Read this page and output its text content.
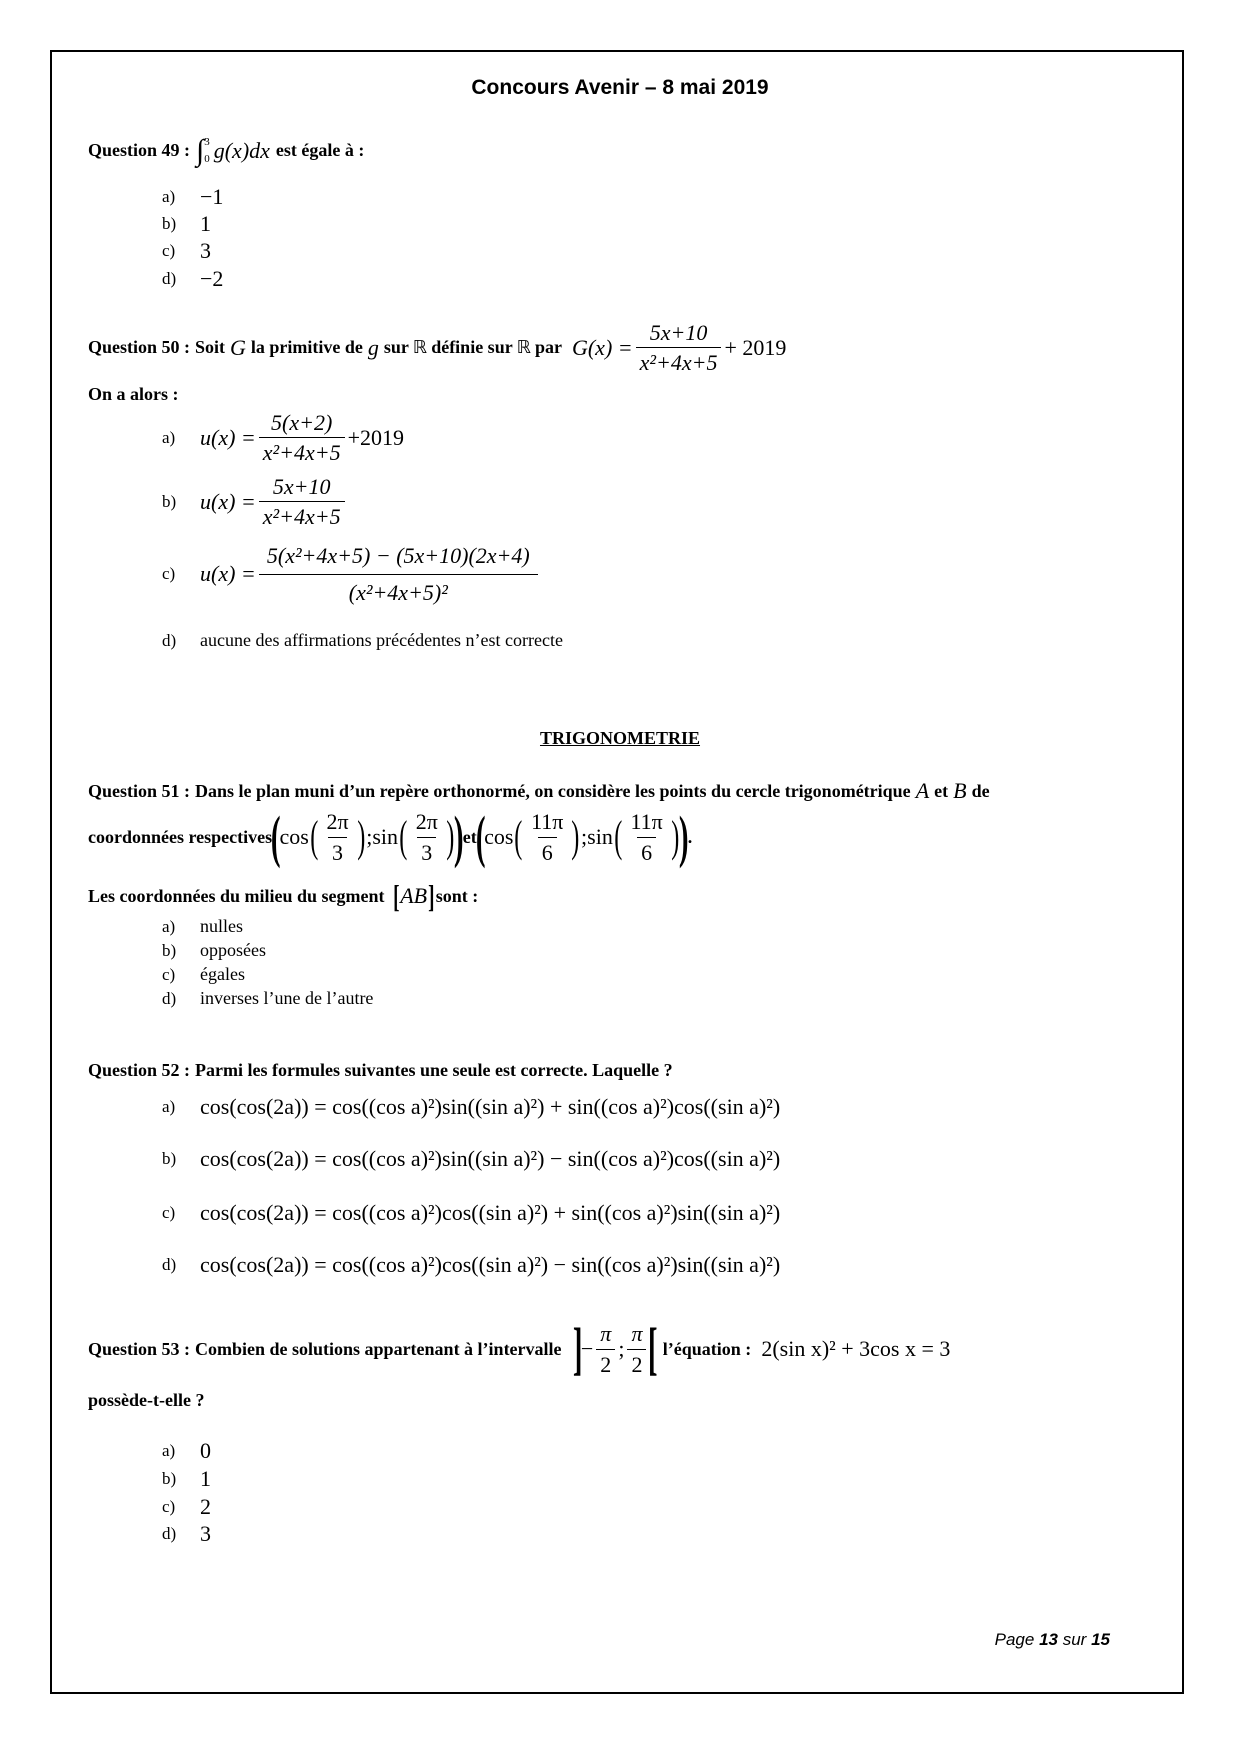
Concours Avenir – 8 mai 2019
Question 49 : ∫ 3
0 g(x)dx est égale à :
a)	−1
b)	1
c)	3
d)	−2
Question 50 : Soit G la primitive de g sur ℝ définie sur ℝ par $G(x) = \frac{5x+10}{\text{x²+4x+5}} + 2019$
On a alors :
a)	$u(x) = \frac{5(x+2)}{\text{x²+4x+5}} +2019$
b)	$u(x) = \frac{5x+10}{\text{x²+4x+5}}$
c)	$u(x) = \frac{\text{5(x²+4x+5) − (5x+10)(2x+4)}}{\text{(x²+4x+5)²}}$
d)	aucune des affirmations précédentes n’est correcte
TRIGONOMETRIE
Question 51 : Dans le plan muni d’un repère orthonormé, on considère les points du cercle trigonométrique A et B de
coordonnées respectives
(
cos ( $\frac{2\pi}{3}$ ) ; sin ( $\frac{2\pi}{3}$ ) )
et
(
cos ( $\frac{11\pi}{6}$ ) ; sin ( $\frac{11\pi}{6}$ ) )
.
Les coordonnées du milieu du segment [ AB ] sont :
a)	nulles
b)	opposées
c)	égales
d)	inverses l’une de l’autre
Question 52 : Parmi les formules suivantes une seule est correcte. Laquelle ?
a)	cos(cos(2a)) = cos((cos a)²)sin((sin a)²) + sin((cos a)²)cos((sin a)²)
b)	cos(cos(2a)) = cos((cos a)²)sin((sin a)²) − sin((cos a)²)cos((sin a)²)
c)	cos(cos(2a)) = cos((cos a)²)cos((sin a)²) + sin((cos a)²)sin((sin a)²)
d)	cos(cos(2a)) = cos((cos a)²)cos((sin a)²) − sin((cos a)²)sin((sin a)²)
Question 53 : Combien de solutions appartenant à l’intervalle ]
− $\frac{\pi}{2}$ ; $\frac{\pi}{2}$ [ l’équation : 2(sin x)² + 3cos x = 3
possède-t-elle ?
a)	0
b)	1
c)	2
d)	3
Page 13 sur 15
